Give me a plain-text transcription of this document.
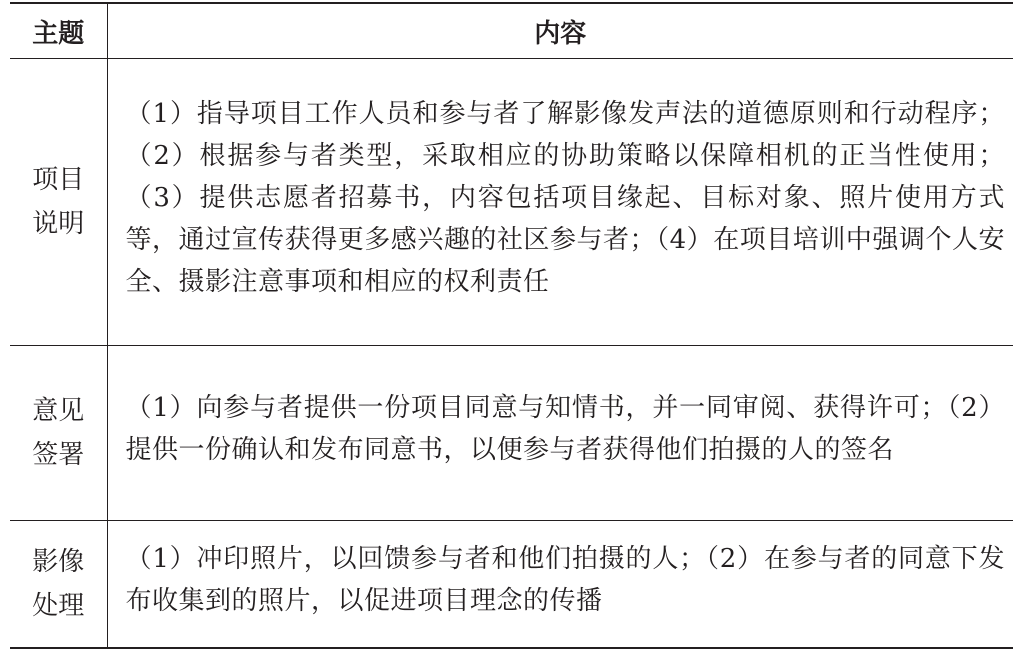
主题	内容

项目
说明	（1）指导项目工作人员和参与者了解影像发声法的道德原则和行动程序；（2）根据参与者类型，采取相应的协助策略以保障相机的正当性使用；（3）提供志愿者招募书，内容包括项目缘起、目标对象、照片使用方式等，通过宣传获得更多感兴趣的社区参与者；（4）在项目培训中强调个人安全、摄影注意事项和相应的权利责任

意见
签署	（1）向参与者提供一份项目同意与知情书，并一同审阅、获得许可；（2）提供一份确认和发布同意书，以便参与者获得他们拍摄的人的签名

影像
处理	（1）冲印照片，以回馈参与者和他们拍摄的人；（2）在参与者的同意下发布收集到的照片，以促进项目理念的传播
